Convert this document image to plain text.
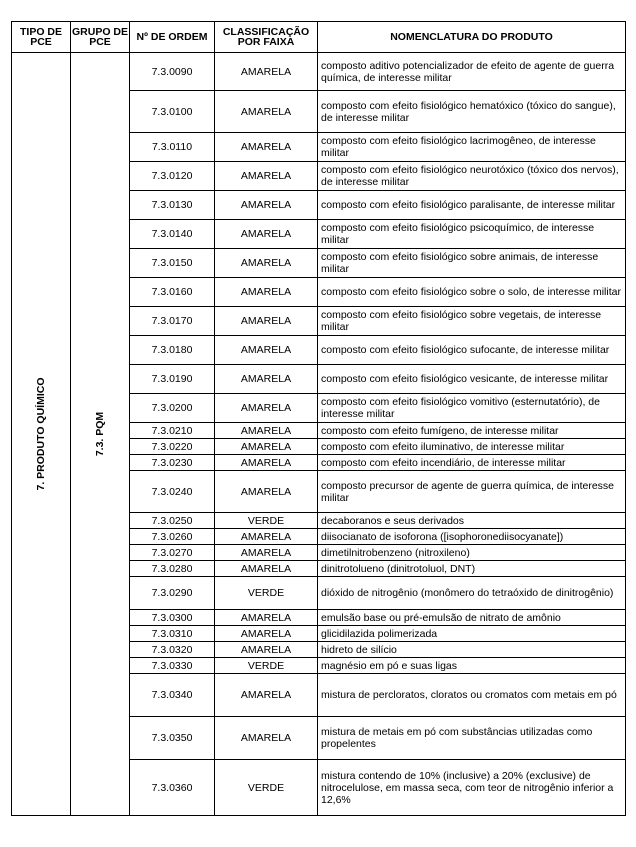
TIPO DE PCE	GRUPO DE PCE	Nº DE ORDEM	CLASSIFICAÇÃO POR FAIXA	NOMENCLATURA DO PRODUTO

7. PRODUTO QUÍMICO	7.3. PQM	7.3.0090	AMARELA	composto aditivo potencializador de efeito de agente de guerra química, de interesse militar
		7.3.0100	AMARELA	composto com efeito fisiológico hematóxico (tóxico do sangue), de interesse militar
		7.3.0110	AMARELA	composto com efeito fisiológico lacrimogêneo, de interesse militar
		7.3.0120	AMARELA	composto com efeito fisiológico neurotóxico (tóxico dos nervos), de interesse militar
		7.3.0130	AMARELA	composto com efeito fisiológico paralisante, de interesse militar
		7.3.0140	AMARELA	composto com efeito fisiológico psicoquímico, de interesse militar
		7.3.0150	AMARELA	composto com efeito fisiológico sobre animais, de interesse militar
		7.3.0160	AMARELA	composto com efeito fisiológico sobre o solo, de interesse militar
		7.3.0170	AMARELA	composto com efeito fisiológico sobre vegetais, de interesse militar
		7.3.0180	AMARELA	composto com efeito fisiológico sufocante, de interesse militar
		7.3.0190	AMARELA	composto com efeito fisiológico vesicante, de interesse militar
		7.3.0200	AMARELA	composto com efeito fisiológico vomitivo (esternutatório), de interesse militar
		7.3.0210	AMARELA	composto com efeito fumígeno, de interesse militar
		7.3.0220	AMARELA	composto com efeito iluminativo, de interesse militar
		7.3.0230	AMARELA	composto com efeito incendiário, de interesse militar
		7.3.0240	AMARELA	composto precursor de agente de guerra química, de interesse militar
		7.3.0250	VERDE	decaboranos e seus derivados
		7.3.0260	AMARELA	diisocianato de isoforona ([isophoronediisocyanate])
		7.3.0270	AMARELA	dimetilnitrobenzeno (nitroxileno)
		7.3.0280	AMARELA	dinitrotolueno (dinitrotoluol, DNT)
		7.3.0290	VERDE	dióxido de nitrogênio (monômero do tetraóxido de dinitrogênio)
		7.3.0300	AMARELA	emulsão base ou pré-emulsão de nitrato de amônio
		7.3.0310	AMARELA	glicidilazida polimerizada
		7.3.0320	AMARELA	hidreto de silício
		7.3.0330	VERDE	magnésio em pó e suas ligas
		7.3.0340	AMARELA	mistura de percloratos, cloratos ou cromatos com metais em pó
		7.3.0350	AMARELA	mistura de metais em pó com substâncias utilizadas como propelentes
		7.3.0360	VERDE	mistura contendo de 10% (inclusive) a 20% (exclusive) de nitrocelulose, em massa seca, com teor de nitrogênio inferior a 12,6%
